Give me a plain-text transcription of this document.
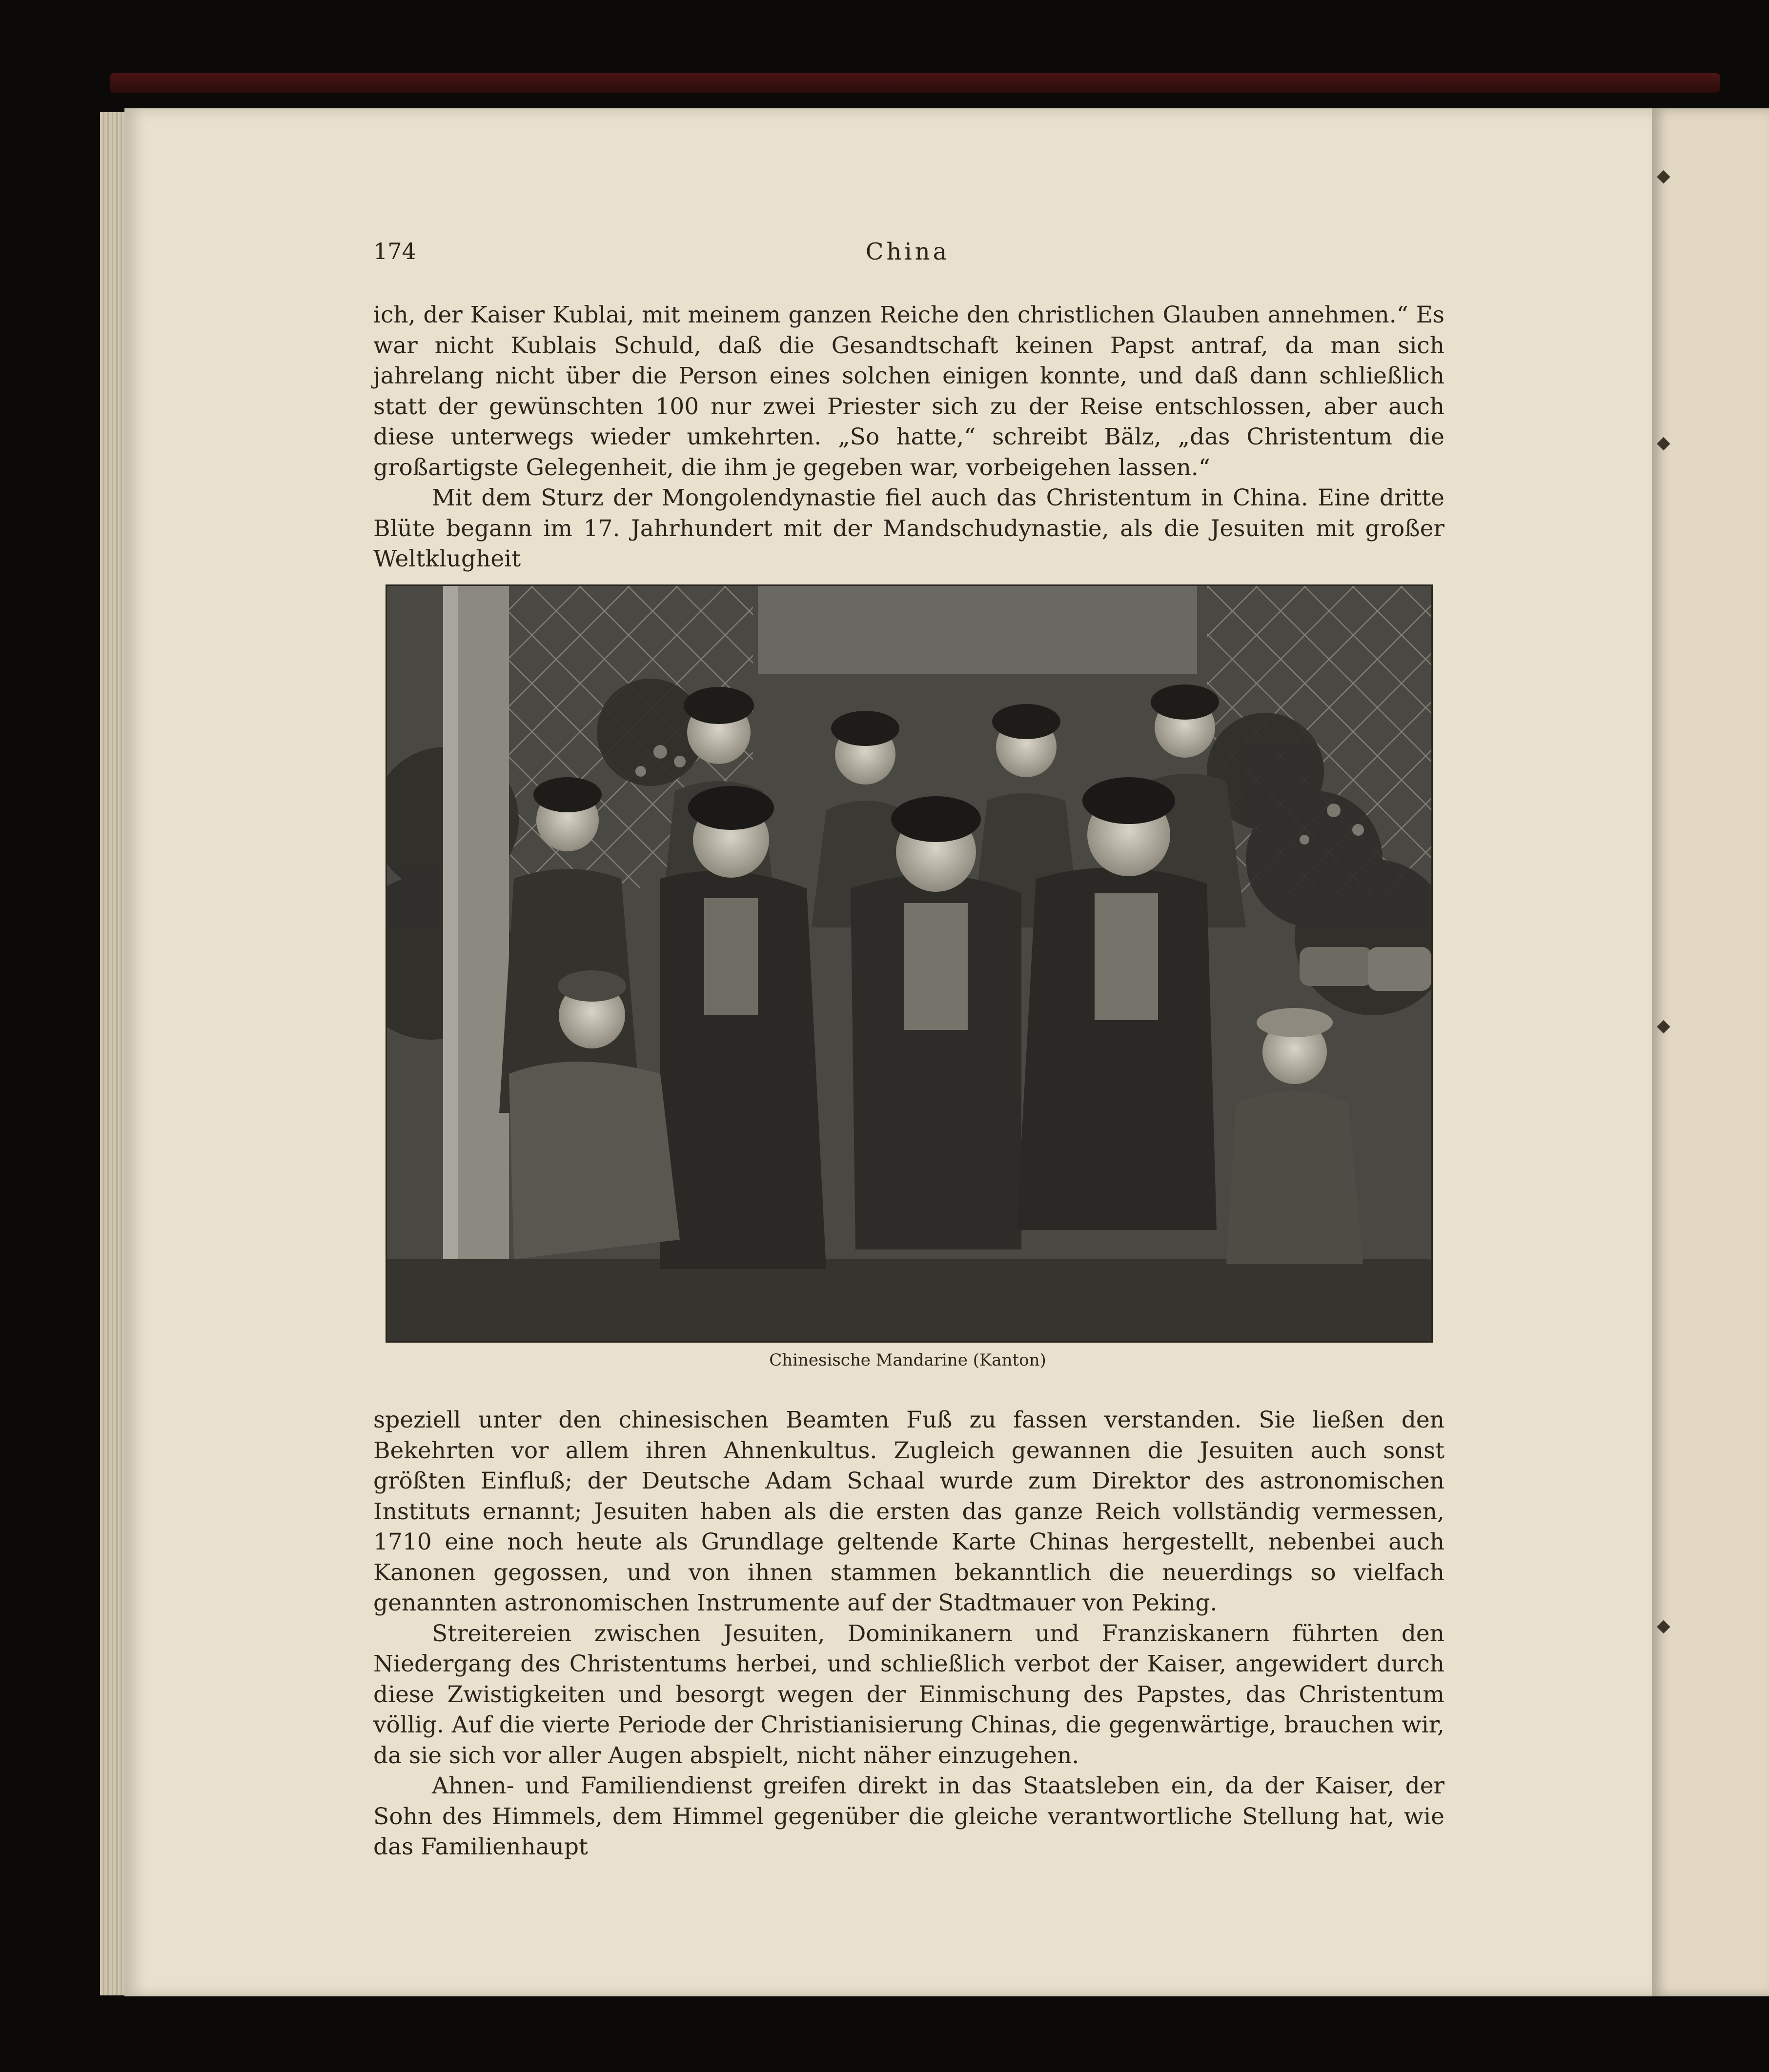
◆
◆
◆
◆
174	China

ich, der Kaiser Kublai, mit meinem ganzen Reiche den christlichen Glauben annehmen.“ Es war nicht Kublais Schuld, daß die Gesandtschaft keinen Papst antraf, da man sich jahrelang nicht über die Person eines solchen einigen konnte, und daß dann schließlich statt der gewünschten 100 nur zwei Priester sich zu der Reise entschlossen, aber auch diese unterwegs wieder umkehrten. „So hatte,“ schreibt Bälz, „das Christentum die großartigste Gelegenheit, die ihm je gegeben war, vorbeigehen lassen.“

Mit dem Sturz der Mongolendynastie fiel auch das Christentum in China. Eine dritte Blüte begann im 17. Jahrhundert mit der Mandschudynastie, als die Jesuiten mit großer Weltklugheit

Chinesische Mandarine (Kanton)

speziell unter den chinesischen Beamten Fuß zu fassen verstanden. Sie ließen den Bekehrten vor allem ihren Ahnenkultus. Zugleich gewannen die Jesuiten auch sonst größten Einfluß; der Deutsche Adam Schaal wurde zum Direktor des astronomischen Instituts ernannt; Jesuiten haben als die ersten das ganze Reich vollständig vermessen, 1710 eine noch heute als Grundlage geltende Karte Chinas hergestellt, nebenbei auch Kanonen gegossen, und von ihnen stammen bekanntlich die neuerdings so vielfach genannten astronomischen Instrumente auf der Stadtmauer von Peking.

Streitereien zwischen Jesuiten, Dominikanern und Franziskanern führten den Niedergang des Christentums herbei, und schließlich verbot der Kaiser, angewidert durch diese Zwistigkeiten und besorgt wegen der Einmischung des Papstes, das Christentum völlig. Auf die vierte Periode der Christianisierung Chinas, die gegenwärtige, brauchen wir, da sie sich vor aller Augen abspielt, nicht näher einzugehen.

Ahnen- und Familiendienst greifen direkt in das Staatsleben ein, da der Kaiser, der Sohn des Himmels, dem Himmel gegenüber die gleiche verantwortliche Stellung hat, wie das Familienhaupt
